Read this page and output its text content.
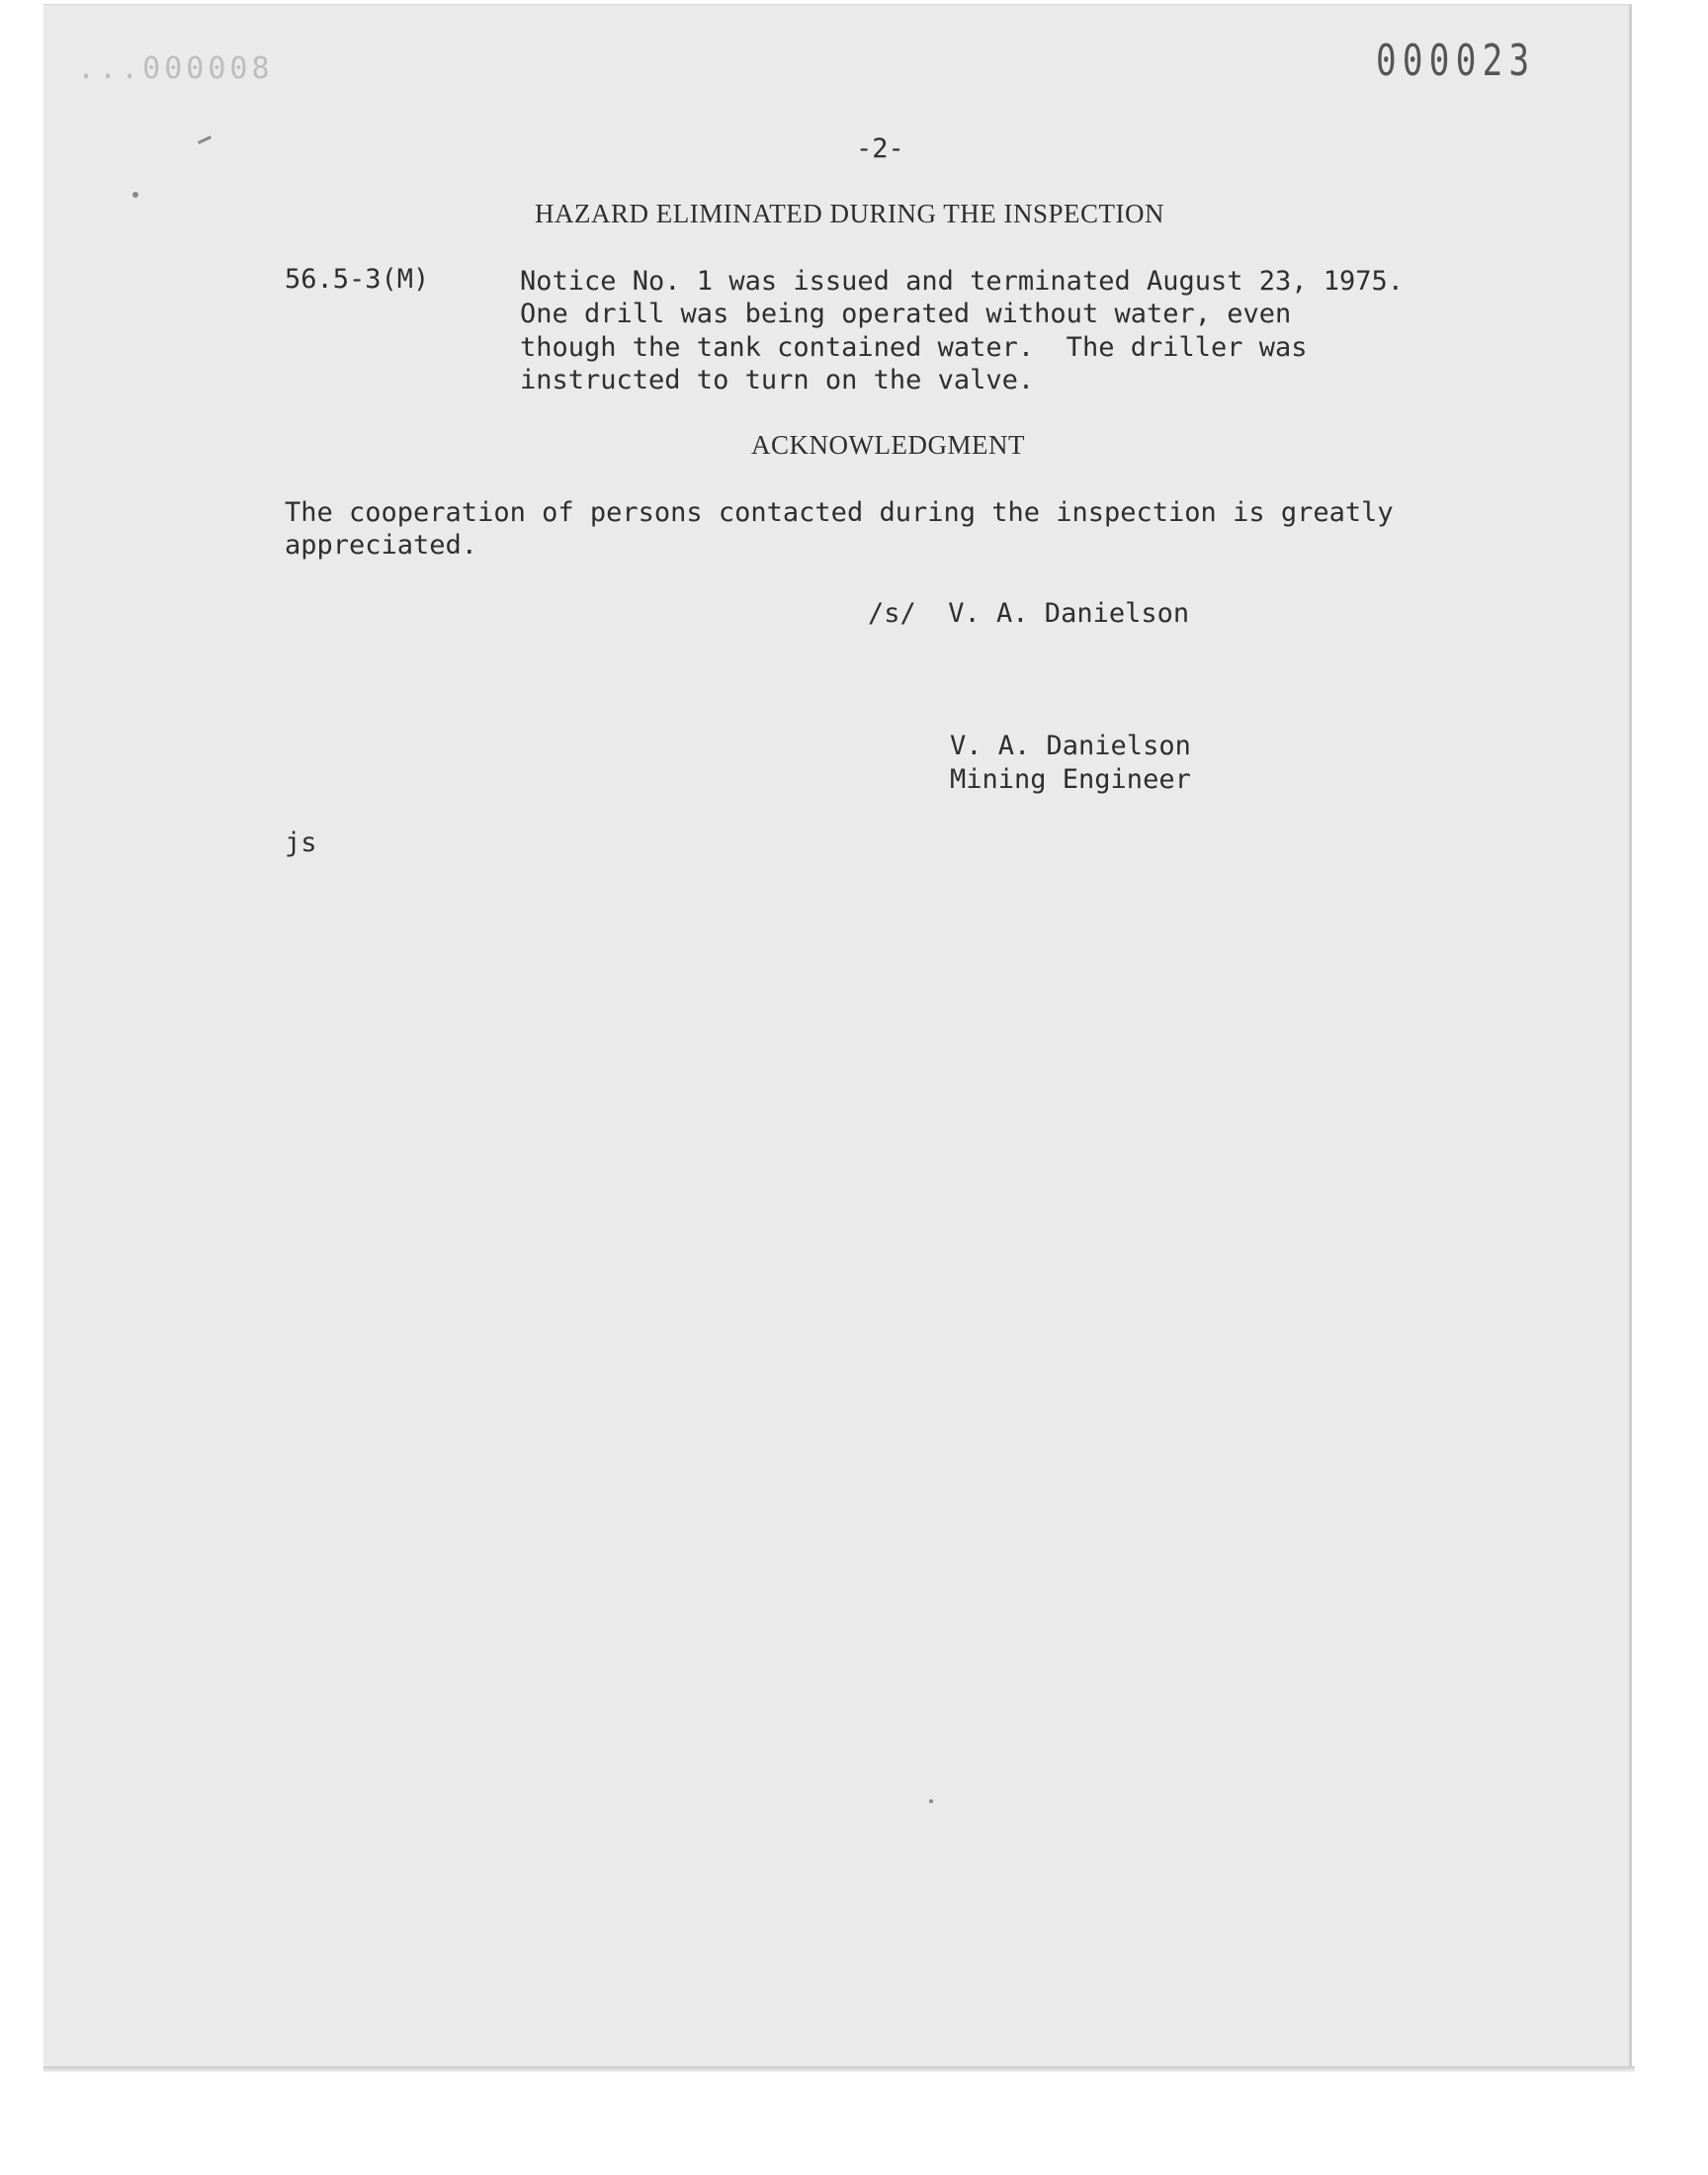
...000008	000023
-2-
HAZARD ELIMINATED DURING THE INSPECTION
56.5-3(M)	Notice No. 1 was issued and terminated August 23, 1975.
One drill was being operated without water, even
though the tank contained water.  The driller was
instructed to turn on the valve.
ACKNOWLEDGMENT
The cooperation of persons contacted during the inspection is greatly
appreciated.
/s/  V. A. Danielson
V. A. Danielson
Mining Engineer
js
